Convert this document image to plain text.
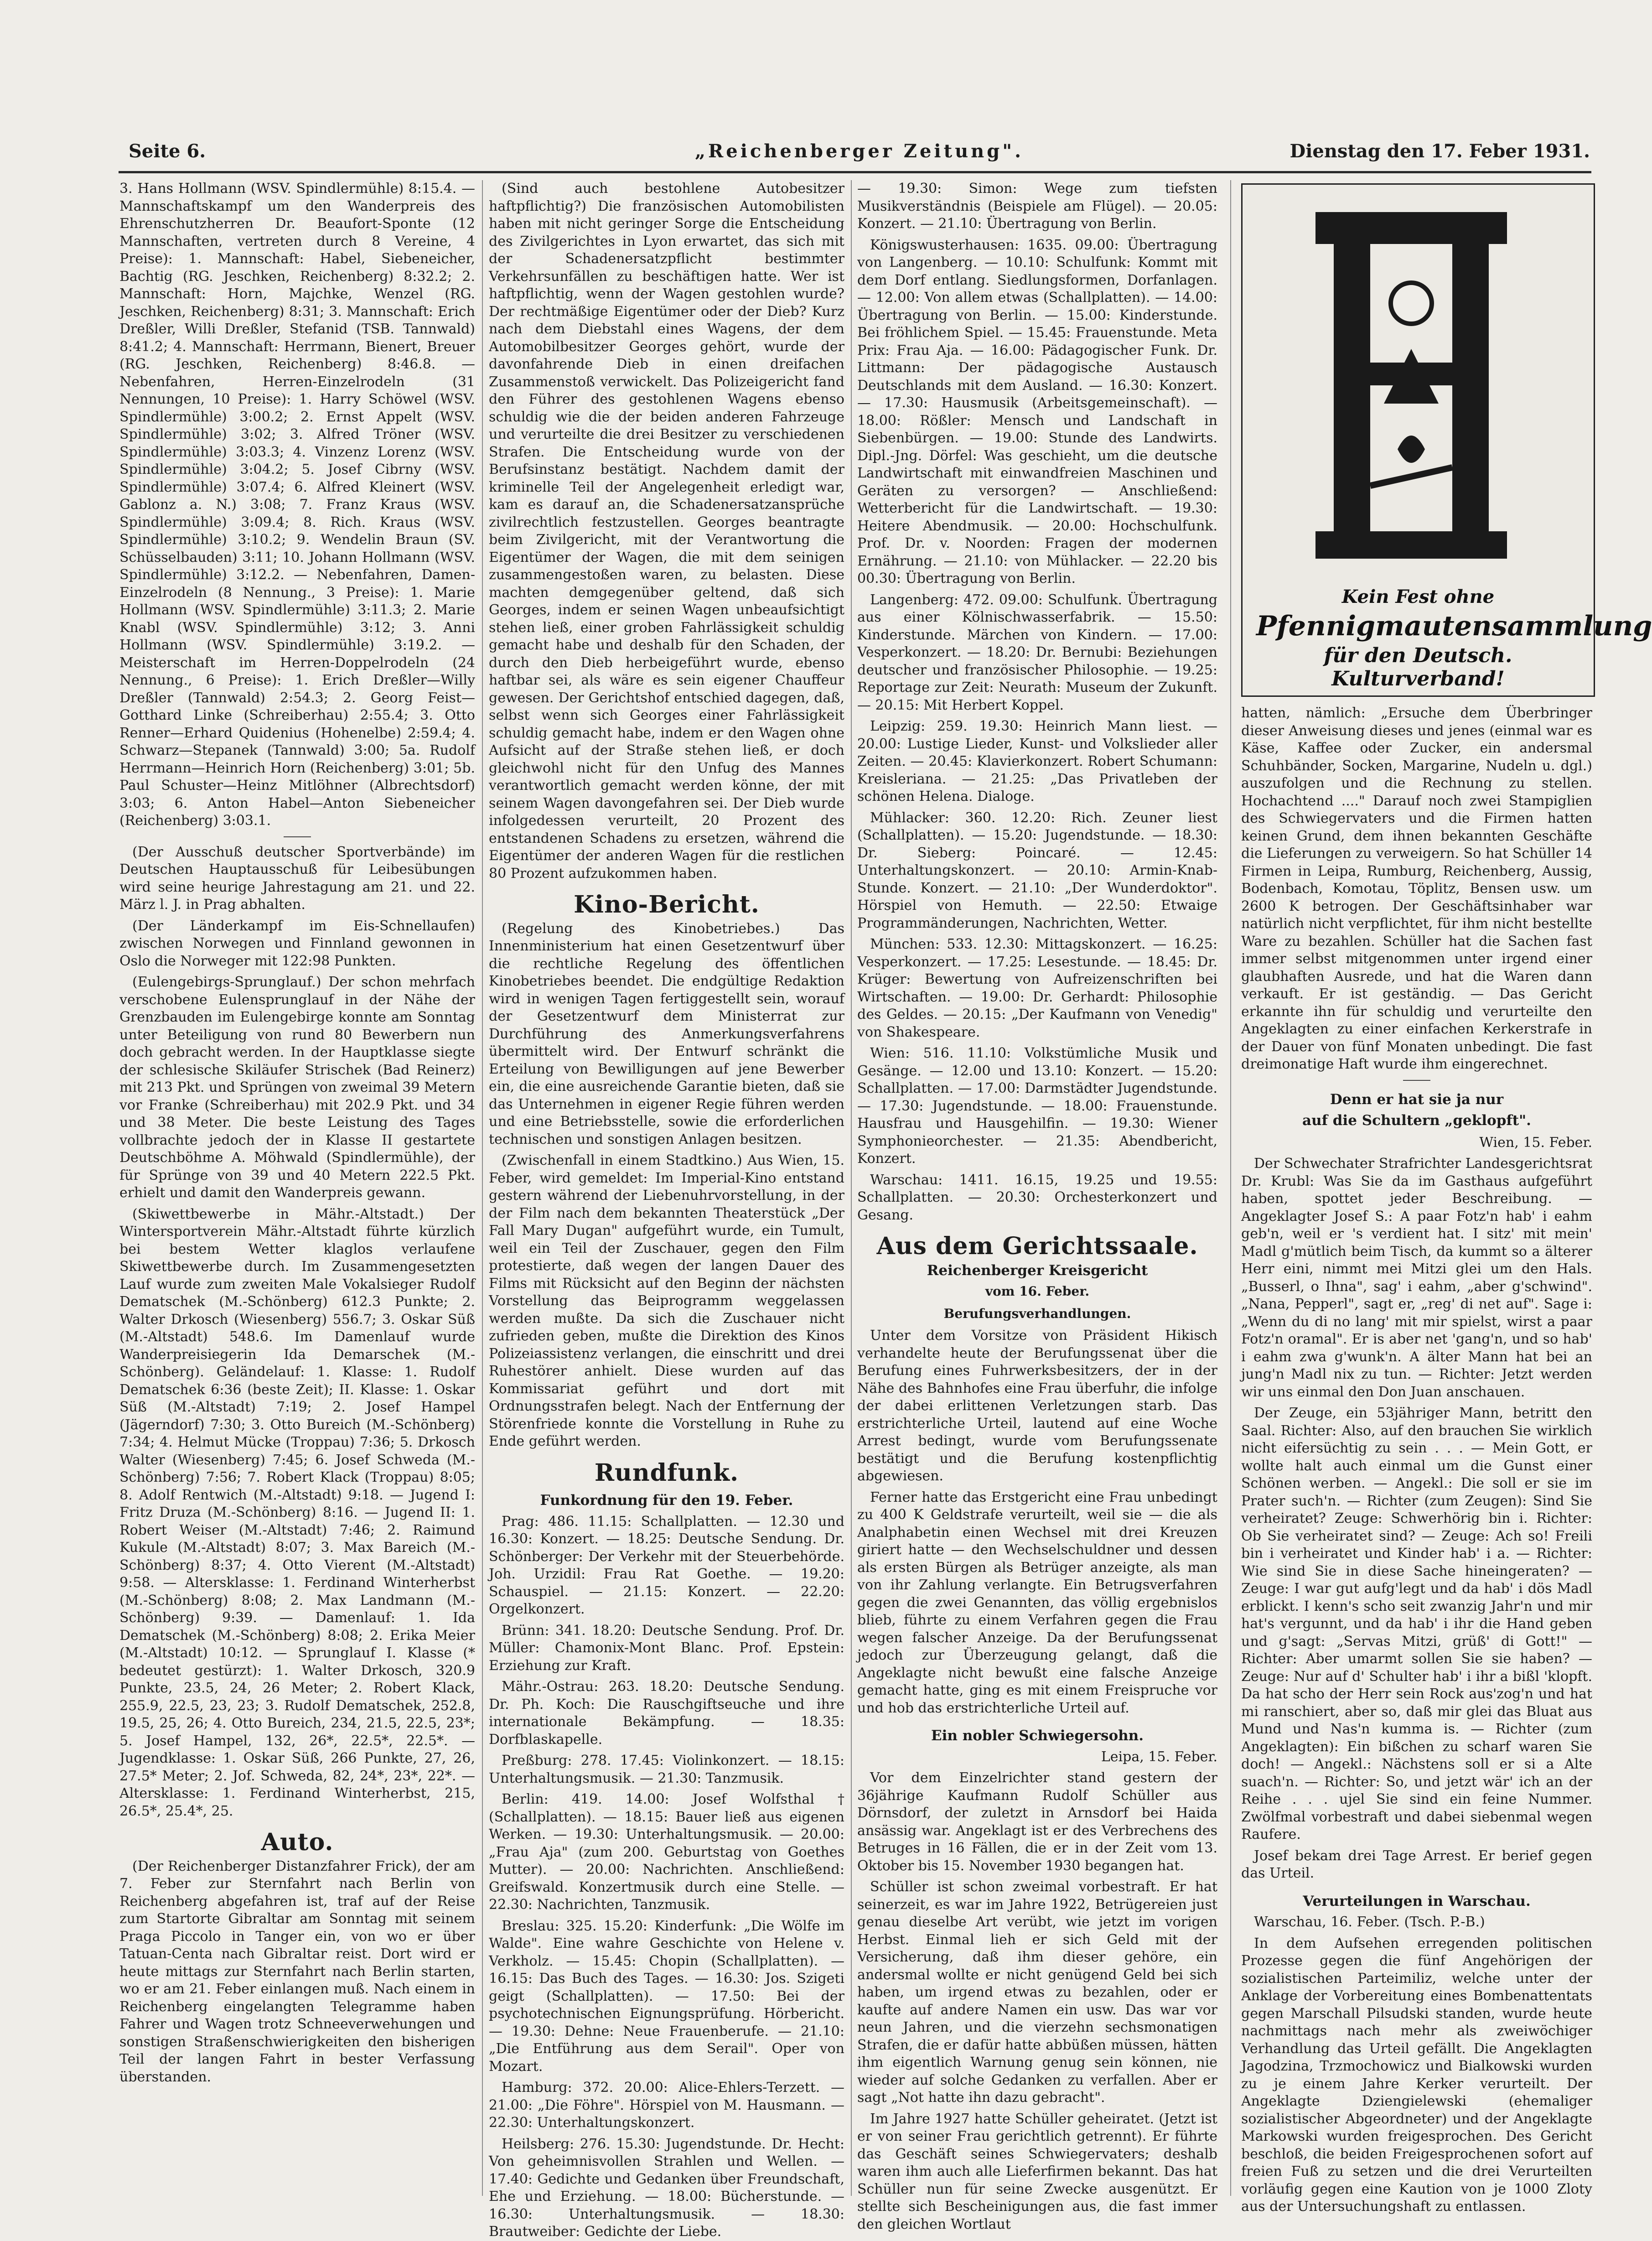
Seite 6.	„Reichenberger Zeitung".	Dienstag den 17. Feber 1931.

3. Hans Hollmann (WSV. Spindlermühle) 8:15.4. — Mannschaftskampf um den Wanderpreis des Ehrenschutzherren Dr. Beaufort-Sponte (12 Mannschaften, vertreten durch 8 Vereine, 4 Preise): 1. Mannschaft: Habel, Siebeneicher, Bachtig (RG. Jeschken, Reichenberg) 8:32.2; 2. Mannschaft: Horn, Majchke, Wenzel (RG. Jeschken, Reichenberg) 8:31; 3. Mannschaft: Erich Dreßler, Willi Dreßler, Stefanid (TSB. Tannwald) 8:41.2; 4. Mannschaft: Herrmann, Bienert, Breuer (RG. Jeschken, Reichenberg) 8:46.8. — Nebenfahren, Herren-Einzelrodeln (31 Nennungen, 10 Preise): 1. Harry Schöwel (WSV. Spindlermühle) 3:00.2; 2. Ernst Appelt (WSV. Spindlermühle) 3:02; 3. Alfred Tröner (WSV. Spindlermühle) 3:03.3; 4. Vinzenz Lorenz (WSV. Spindlermühle) 3:04.2; 5. Josef Cibrny (WSV. Spindlermühle) 3:07.4; 6. Alfred Kleinert (WSV. Gablonz a. N.) 3:08; 7. Franz Kraus (WSV. Spindlermühle) 3:09.4; 8. Rich. Kraus (WSV. Spindlermühle) 3:10.2; 9. Wendelin Braun (SV. Schüsselbauden) 3:11; 10. Johann Hollmann (WSV. Spindlermühle) 3:12.2. — Nebenfahren, Damen-Einzelrodeln (8 Nennung., 3 Preise): 1. Marie Hollmann (WSV. Spindlermühle) 3:11.3; 2. Marie Knabl (WSV. Spindlermühle) 3:12; 3. Anni Hollmann (WSV. Spindlermühle) 3:19.2. — Meisterschaft im Herren-Doppelrodeln (24 Nennung., 6 Preise): 1. Erich Dreßler—Willy Dreßler (Tannwald) 2:54.3; 2. Georg Feist—Gotthard Linke (Schreiberhau) 2:55.4; 3. Otto Renner—Erhard Quidenius (Hohenelbe) 2:59.4; 4. Schwarz—Stepanek (Tannwald) 3:00; 5a. Rudolf Herrmann—Heinrich Horn (Reichenberg) 3:01; 5b. Paul Schuster—Heinz Mitlöhner (Albrechtsdorf) 3:03; 6. Anton Habel—Anton Siebeneicher (Reichenberg) 3:03.1.

(Der Ausschuß deutscher Sportverbände) im Deutschen Hauptausschuß für Leibesübungen wird seine heurige Jahrestagung am 21. und 22. März l. J. in Prag abhalten.

(Der Länderkampf im Eis-Schnellaufen) zwischen Norwegen und Finnland gewonnen in Oslo die Norweger mit 122:98 Punkten.

(Eulengebirgs-Sprunglauf.) Der schon mehrfach verschobene Eulensprunglauf in der Nähe der Grenzbauden im Eulengebirge konnte am Sonntag unter Beteiligung von rund 80 Bewerbern nun doch gebracht werden. In der Hauptklasse siegte der schlesische Skiläufer Strischek (Bad Reinerz) mit 213 Pkt. und Sprüngen von zweimal 39 Metern vor Franke (Schreiberhau) mit 202.9 Pkt. und 34 und 38 Meter. Die beste Leistung des Tages vollbrachte jedoch der in Klasse II gestartete Deutschböhme A. Möhwald (Spindlermühle), der für Sprünge von 39 und 40 Metern 222.5 Pkt. erhielt und damit den Wanderpreis gewann.

(Skiwettbewerbe in Mähr.-Altstadt.) Der Wintersportverein Mähr.-Altstadt führte kürzlich bei bestem Wetter klaglos verlaufene Skiwettbewerbe durch. Im Zusammengesetzten Lauf wurde zum zweiten Male Vokalsieger Rudolf Dematschek (M.-Schönberg) 612.3 Punkte; 2. Walter Drkosch (Wiesenberg) 556.7; 3. Oskar Süß (M.-Altstadt) 548.6. Im Damenlauf wurde Wanderpreisiegerin Ida Demarschek (M.-Schönberg). Geländelauf: 1. Klasse: 1. Rudolf Dematschek 6:36 (beste Zeit); II. Klasse: 1. Oskar Süß (M.-Altstadt) 7:19; 2. Josef Hampel (Jägerndorf) 7:30; 3. Otto Bureich (M.-Schönberg) 7:34; 4. Helmut Mücke (Troppau) 7:36; 5. Drkosch Walter (Wiesenberg) 7:45; 6. Josef Schweda (M.-Schönberg) 7:56; 7. Robert Klack (Troppau) 8:05; 8. Adolf Rentwich (M.-Altstadt) 9:18. — Jugend I: Fritz Druza (M.-Schönberg) 8:16. — Jugend II: 1. Robert Weiser (M.-Altstadt) 7:46; 2. Raimund Kukule (M.-Altstadt) 8:07; 3. Max Bareich (M.-Schönberg) 8:37; 4. Otto Vierent (M.-Altstadt) 9:58. — Altersklasse: 1. Ferdinand Winterherbst (M.-Schönberg) 8:08; 2. Max Landmann (M.-Schönberg) 9:39. — Damenlauf: 1. Ida Dematschek (M.-Schönberg) 8:08; 2. Erika Meier (M.-Altstadt) 10:12. — Sprunglauf I. Klasse (* bedeutet gestürzt): 1. Walter Drkosch, 320.9 Punkte, 23.5, 24, 26 Meter; 2. Robert Klack, 255.9, 22.5, 23, 23; 3. Rudolf Dematschek, 252.8, 19.5, 25, 26; 4. Otto Bureich, 234, 21.5, 22.5, 23*; 5. Josef Hampel, 132, 26*, 22.5*, 22.5*. — Jugendklasse: 1. Oskar Süß, 266 Punkte, 27, 26, 27.5* Meter; 2. Jof. Schweda, 82, 24*, 23*, 22*. — Altersklasse: 1. Ferdinand Winterherbst, 215, 26.5*, 25.4*, 25.

Auto.

(Der Reichenberger Distanzfahrer Frick), der am 7. Feber zur Sternfahrt nach Berlin von Reichenberg abgefahren ist, traf auf der Reise zum Startorte Gibraltar am Sonntag mit seinem Praga Piccolo in Tanger ein, von wo er über Tatuan-Centa nach Gibraltar reist. Dort wird er heute mittags zur Sternfahrt nach Berlin starten, wo er am 21. Feber einlangen muß. Nach einem in Reichenberg eingelangten Telegramme haben Fahrer und Wagen trotz Schneeverwehungen und sonstigen Straßenschwierigkeiten den bisherigen Teil der langen Fahrt in bester Verfassung überstanden.

(Sind auch bestohlene Autobesitzer haftpflichtig?) Die französischen Automobilisten haben mit nicht geringer Sorge die Entscheidung des Zivilgerichtes in Lyon erwartet, das sich mit der Schadenersatzpflicht bestimmter Verkehrsunfällen zu beschäftigen hatte. Wer ist haftpflichtig, wenn der Wagen gestohlen wurde? Der rechtmäßige Eigentümer oder der Dieb? Kurz nach dem Diebstahl eines Wagens, der dem Automobilbesitzer Georges gehört, wurde der davonfahrende Dieb in einen dreifachen Zusammenstoß verwickelt. Das Polizeigericht fand den Führer des gestohlenen Wagens ebenso schuldig wie die der beiden anderen Fahrzeuge und verurteilte die drei Besitzer zu verschiedenen Strafen. Die Entscheidung wurde von der Berufsinstanz bestätigt. Nachdem damit der kriminelle Teil der Angelegenheit erledigt war, kam es darauf an, die Schadenersatzansprüche zivilrechtlich festzustellen. Georges beantragte beim Zivilgericht, mit der Verantwortung die Eigentümer der Wagen, die mit dem seinigen zusammengestoßen waren, zu belasten. Diese machten demgegenüber geltend, daß sich Georges, indem er seinen Wagen unbeaufsichtigt stehen ließ, einer groben Fahrlässigkeit schuldig gemacht habe und deshalb für den Schaden, der durch den Dieb herbeigeführt wurde, ebenso haftbar sei, als wäre es sein eigener Chauffeur gewesen. Der Gerichtshof entschied dagegen, daß, selbst wenn sich Georges einer Fahrlässigkeit schuldig gemacht habe, indem er den Wagen ohne Aufsicht auf der Straße stehen ließ, er doch gleichwohl nicht für den Unfug des Mannes verantwortlich gemacht werden könne, der mit seinem Wagen davongefahren sei. Der Dieb wurde infolgedessen verurteilt, 20 Prozent des entstandenen Schadens zu ersetzen, während die Eigentümer der anderen Wagen für die restlichen 80 Prozent aufzukommen haben.

Kino-Bericht.

(Regelung des Kinobetriebes.) Das Innenministerium hat einen Gesetzentwurf über die rechtliche Regelung des öffentlichen Kinobetriebes beendet. Die endgültige Redaktion wird in wenigen Tagen fertiggestellt sein, worauf der Gesetzentwurf dem Ministerrat zur Durchführung des Anmerkungsverfahrens übermittelt wird. Der Entwurf schränkt die Erteilung von Bewilligungen auf jene Bewerber ein, die eine ausreichende Garantie bieten, daß sie das Unternehmen in eigener Regie führen werden und eine Betriebsstelle, sowie die erforderlichen technischen und sonstigen Anlagen besitzen.

(Zwischenfall in einem Stadtkino.) Aus Wien, 15. Feber, wird gemeldet: Im Imperial-Kino entstand gestern während der Liebenuhrvorstellung, in der der Film nach dem bekannten Theaterstück „Der Fall Mary Dugan" aufgeführt wurde, ein Tumult, weil ein Teil der Zuschauer, gegen den Film protestierte, daß wegen der langen Dauer des Films mit Rücksicht auf den Beginn der nächsten Vorstellung das Beiprogramm weggelassen werden mußte. Da sich die Zuschauer nicht zufrieden geben, mußte die Direktion des Kinos Polizeiassistenz verlangen, die einschritt und drei Ruhestörer anhielt. Diese wurden auf das Kommissariat geführt und dort mit Ordnungsstrafen belegt. Nach der Entfernung der Störenfriede konnte die Vorstellung in Ruhe zu Ende geführt werden.

Rundfunk.
Funkordnung für den 19. Feber.

Prag: 486. 11.15: Schallplatten. — 12.30 und 16.30: Konzert. — 18.25: Deutsche Sendung. Dr. Schönberger: Der Verkehr mit der Steuerbehörde. Joh. Urzidil: Frau Rat Goethe. — 19.20: Schauspiel. — 21.15: Konzert. — 22.20: Orgelkonzert.

Brünn: 341. 18.20: Deutsche Sendung. Prof. Dr. Müller: Chamonix-Mont Blanc. Prof. Epstein: Erziehung zur Kraft.

Mähr.-Ostrau: 263. 18.20: Deutsche Sendung. Dr. Ph. Koch: Die Rauschgiftseuche und ihre internationale Bekämpfung. — 18.35: Dorfblaskapelle.

Preßburg: 278. 17.45: Violinkonzert. — 18.15: Unterhaltungsmusik. — 21.30: Tanzmusik.

Berlin: 419. 14.00: Josef Wolfsthal † (Schallplatten). — 18.15: Bauer ließ aus eigenen Werken. — 19.30: Unterhaltungsmusik. — 20.00: „Frau Aja" (zum 200. Geburtstag von Goethes Mutter). — 20.00: Nachrichten. Anschließend: Greifswald. Konzertmusik durch eine Stelle. — 22.30: Nachrichten, Tanzmusik.

Breslau: 325. 15.20: Kinderfunk: „Die Wölfe im Walde". Eine wahre Geschichte von Helene v. Verkholz. — 15.45: Chopin (Schallplatten). — 16.15: Das Buch des Tages. — 16.30: Jos. Szigeti geigt (Schallplatten). — 17.50: Bei der psychotechnischen Eignungsprüfung. Hörbericht. — 19.30: Dehne: Neue Frauenberufe. — 21.10: „Die Entführung aus dem Serail". Oper von Mozart.

Hamburg: 372. 20.00: Alice-Ehlers-Terzett. — 21.00: „Die Föhre". Hörspiel von M. Hausmann. — 22.30: Unterhaltungskonzert.

Heilsberg: 276. 15.30: Jugendstunde. Dr. Hecht: Von geheimnisvollen Strahlen und Wellen. — 17.40: Gedichte und Gedanken über Freundschaft, Ehe und Erziehung. — 18.00: Bücherstunde. — 16.30: Unterhaltungsmusik. — 18.30: Brautweiber: Gedichte der Liebe.

— 19.30: Simon: Wege zum tiefsten Musikverständnis (Beispiele am Flügel). — 20.05: Konzert. — 21.10: Übertragung von Berlin.

Königswusterhausen: 1635. 09.00: Übertragung von Langenberg. — 10.10: Schulfunk: Kommt mit dem Dorf entlang. Siedlungsformen, Dorfanlagen. — 12.00: Von allem etwas (Schallplatten). — 14.00: Übertragung von Berlin. — 15.00: Kinderstunde. Bei fröhlichem Spiel. — 15.45: Frauenstunde. Meta Prix: Frau Aja. — 16.00: Pädagogischer Funk. Dr. Littmann: Der pädagogische Austausch Deutschlands mit dem Ausland. — 16.30: Konzert. — 17.30: Hausmusik (Arbeitsgemeinschaft). — 18.00: Rößler: Mensch und Landschaft in Siebenbürgen. — 19.00: Stunde des Landwirts. Dipl.-Jng. Dörfel: Was geschieht, um die deutsche Landwirtschaft mit einwandfreien Maschinen und Geräten zu versorgen? — Anschließend: Wetterbericht für die Landwirtschaft. — 19.30: Heitere Abendmusik. — 20.00: Hochschulfunk. Prof. Dr. v. Noorden: Fragen der modernen Ernährung. — 21.10: von Mühlacker. — 22.20 bis 00.30: Übertragung von Berlin.

Langenberg: 472. 09.00: Schulfunk. Übertragung aus einer Kölnischwasserfabrik. — 15.50: Kinderstunde. Märchen von Kindern. — 17.00: Vesperkonzert. — 18.20: Dr. Bernubi: Beziehungen deutscher und französischer Philosophie. — 19.25: Reportage zur Zeit: Neurath: Museum der Zukunft. — 20.15: Mit Herbert Koppel.

Leipzig: 259. 19.30: Heinrich Mann liest. — 20.00: Lustige Lieder, Kunst- und Volkslieder aller Zeiten. — 20.45: Klavierkonzert. Robert Schumann: Kreisleriana. — 21.25: „Das Privatleben der schönen Helena. Dialoge.

Mühlacker: 360. 12.20: Rich. Zeuner liest (Schallplatten). — 15.20: Jugendstunde. — 18.30: Dr. Sieberg: Poincaré. — 12.45: Unterhaltungskonzert. — 20.10: Armin-Knab-Stunde. Konzert. — 21.10: „Der Wunderdoktor". Hörspiel von Hemuth. — 22.50: Etwaige Programmänderungen, Nachrichten, Wetter.

München: 533. 12.30: Mittagskonzert. — 16.25: Vesperkonzert. — 17.25: Lesestunde. — 18.45: Dr. Krüger: Bewertung von Aufreizenschriften bei Wirtschaften. — 19.00: Dr. Gerhardt: Philosophie des Geldes. — 20.15: „Der Kaufmann von Venedig" von Shakespeare.

Wien: 516. 11.10: Volkstümliche Musik und Gesänge. — 12.00 und 13.10: Konzert. — 15.20: Schallplatten. — 17.00: Darmstädter Jugendstunde. — 17.30: Jugendstunde. — 18.00: Frauenstunde. Hausfrau und Hausgehilfin. — 19.30: Wiener Symphonieorchester. — 21.35: Abendbericht, Konzert.

Warschau: 1411. 16.15, 19.25 und 19.55: Schallplatten. — 20.30: Orchesterkonzert und Gesang.

Aus dem Gerichtssaale.
Reichenberger Kreisgericht
vom 16. Feber.
Berufungsverhandlungen.

Unter dem Vorsitze von Präsident Hikisch verhandelte heute der Berufungssenat über die Berufung eines Fuhrwerksbesitzers, der in der Nähe des Bahnhofes eine Frau überfuhr, die infolge der dabei erlittenen Verletzungen starb. Das erstrichterliche Urteil, lautend auf eine Woche Arrest bedingt, wurde vom Berufungssenate bestätigt und die Berufung kostenpflichtig abgewiesen.

Ferner hatte das Erstgericht eine Frau unbedingt zu 400 K Geldstrafe verurteilt, weil sie — die als Analphabetin einen Wechsel mit drei Kreuzen giriert hatte — den Wechselschuldner und dessen als ersten Bürgen als Betrüger anzeigte, als man von ihr Zahlung verlangte. Ein Betrugsverfahren gegen die zwei Genannten, das völlig ergebnislos blieb, führte zu einem Verfahren gegen die Frau wegen falscher Anzeige. Da der Berufungssenat jedoch zur Überzeugung gelangt, daß die Angeklagte nicht bewußt eine falsche Anzeige gemacht hatte, ging es mit einem Freispruche vor und hob das erstrichterliche Urteil auf.

Ein nobler Schwiegersohn.

Leipa, 15. Feber.

Vor dem Einzelrichter stand gestern der 36jährige Kaufmann Rudolf Schüller aus Dörnsdorf, der zuletzt in Arnsdorf bei Haida ansässig war. Angeklagt ist er des Verbrechens des Betruges in 16 Fällen, die er in der Zeit vom 13. Oktober bis 15. November 1930 begangen hat.

Schüller ist schon zweimal vorbestraft. Er hat seinerzeit, es war im Jahre 1922, Betrügereien just genau dieselbe Art verübt, wie jetzt im vorigen Herbst. Einmal lieh er sich Geld mit der Versicherung, daß ihm dieser gehöre, ein andersmal wollte er nicht genügend Geld bei sich haben, um irgend etwas zu bezahlen, oder er kaufte auf andere Namen ein usw. Das war vor neun Jahren, und die vierzehn sechsmonatigen Strafen, die er dafür hatte abbüßen müssen, hätten ihm eigentlich Warnung genug sein können, nie wieder auf solche Gedanken zu verfallen. Aber er sagt „Not hatte ihn dazu gebracht".

Im Jahre 1927 hatte Schüller geheiratet. (Jetzt ist er von seiner Frau gerichtlich getrennt). Er führte das Geschäft seines Schwiegervaters; deshalb waren ihm auch alle Lieferfirmen bekannt. Das hat Schüller nun für seine Zwecke ausgenützt. Er stellte sich Bescheinigungen aus, die fast immer den gleichen Wortlaut

Kein Fest ohne
Pfennigmautensammlung
für den Deutsch. Kulturverband!

hatten, nämlich: „Ersuche dem Überbringer dieser Anweisung dieses und jenes (einmal war es Käse, Kaffee oder Zucker, ein andersmal Schuhbänder, Socken, Margarine, Nudeln u. dgl.) auszufolgen und die Rechnung zu stellen. Hochachtend ...." Darauf noch zwei Stampiglien des Schwiegervaters und die Firmen hatten keinen Grund, dem ihnen bekannten Geschäfte die Lieferungen zu verweigern. So hat Schüller 14 Firmen in Leipa, Rumburg, Reichenberg, Aussig, Bodenbach, Komotau, Töplitz, Bensen usw. um 2600 K betrogen. Der Geschäftsinhaber war natürlich nicht verpflichtet, für ihm nicht bestellte Ware zu bezahlen. Schüller hat die Sachen fast immer selbst mitgenommen unter irgend einer glaubhaften Ausrede, und hat die Waren dann verkauft. Er ist geständig. — Das Gericht erkannte ihn für schuldig und verurteilte den Angeklagten zu einer einfachen Kerkerstrafe in der Dauer von fünf Monaten unbedingt. Die fast dreimonatige Haft wurde ihm eingerechnet.

Denn er hat sie ja nur
auf die Schultern „geklopft".

Wien, 15. Feber.

Der Schwechater Strafrichter Landesgerichtsrat Dr. Krubl: Was Sie da im Gasthaus aufgeführt haben, spottet jeder Beschreibung. — Angeklagter Josef S.: A paar Fotz'n hab' i eahm geb'n, weil er 's verdient hat. I sitz' mit mein' Madl g'mütlich beim Tisch, da kummt so a älterer Herr eini, nimmt mei Mitzi glei um den Hals. „Busserl, o Ihna", sag' i eahm, „aber g'schwind". „Nana, Pepperl", sagt er, „reg' di net auf". Sage i: „Wenn du di no lang' mit mir spielst, wirst a paar Fotz'n oramal". Er is aber net 'gang'n, und so hab' i eahm zwa g'wunk'n. A älter Mann hat bei an jung'n Madl nix zu tun. — Richter: Jetzt werden wir uns einmal den Don Juan anschauen.

Der Zeuge, ein 53jähriger Mann, betritt den Saal. Richter: Also, auf den brauchen Sie wirklich nicht eifersüchtig zu sein . . . — Mein Gott, er wollte halt auch einmal um die Gunst einer Schönen werben. — Angekl.: Die soll er sie im Prater such'n. — Richter (zum Zeugen): Sind Sie verheiratet? Zeuge: Schwerhörig bin i. Richter: Ob Sie verheiratet sind? — Zeuge: Ach so! Freili bin i verheiratet und Kinder hab' i a. — Richter: Wie sind Sie in diese Sache hineingeraten? — Zeuge: I war gut aufg'legt und da hab' i dös Madl erblickt. I kenn's scho seit zwanzig Jahr'n und mir hat's vergunnt, und da hab' i ihr die Hand geben und g'sagt: „Servas Mitzi, grüß' di Gott!" — Richter: Aber umarmt sollen Sie sie haben? — Zeuge: Nur auf d' Schulter hab' i ihr a bißl 'klopft. Da hat scho der Herr sein Rock aus'zog'n und hat mi ranschiert, aber so, daß mir glei das Bluat aus Mund und Nas'n kumma is. — Richter (zum Angeklagten): Ein bißchen zu scharf waren Sie doch! — Angekl.: Nächstens soll er si a Alte suach'n. — Richter: So, und jetzt wär' ich an der Reihe . . . ujel Sie sind ein feine Nummer. Zwölfmal vorbestraft und dabei siebenmal wegen Raufere.

Josef bekam drei Tage Arrest. Er berief gegen das Urteil.

Verurteilungen in Warschau.

Warschau, 16. Feber. (Tsch. P.-B.)

In dem Aufsehen erregenden politischen Prozesse gegen die fünf Angehörigen der sozialistischen Parteimiliz, welche unter der Anklage der Vorbereitung eines Bombenattentats gegen Marschall Pilsudski standen, wurde heute nachmittags nach mehr als zweiwöchiger Verhandlung das Urteil gefällt. Die Angeklagten Jagodzina, Trzmochowicz und Bialkowski wurden zu je einem Jahre Kerker verurteilt. Der Angeklagte Dziengielewski (ehemaliger sozialistischer Abgeordneter) und der Angeklagte Markowski wurden freigesprochen. Des Gericht beschloß, die beiden Freigesprochenen sofort auf freien Fuß zu setzen und die drei Verurteilten vorläufig gegen eine Kaution von je 1000 Zloty aus der Untersuchungshaft zu entlassen.
